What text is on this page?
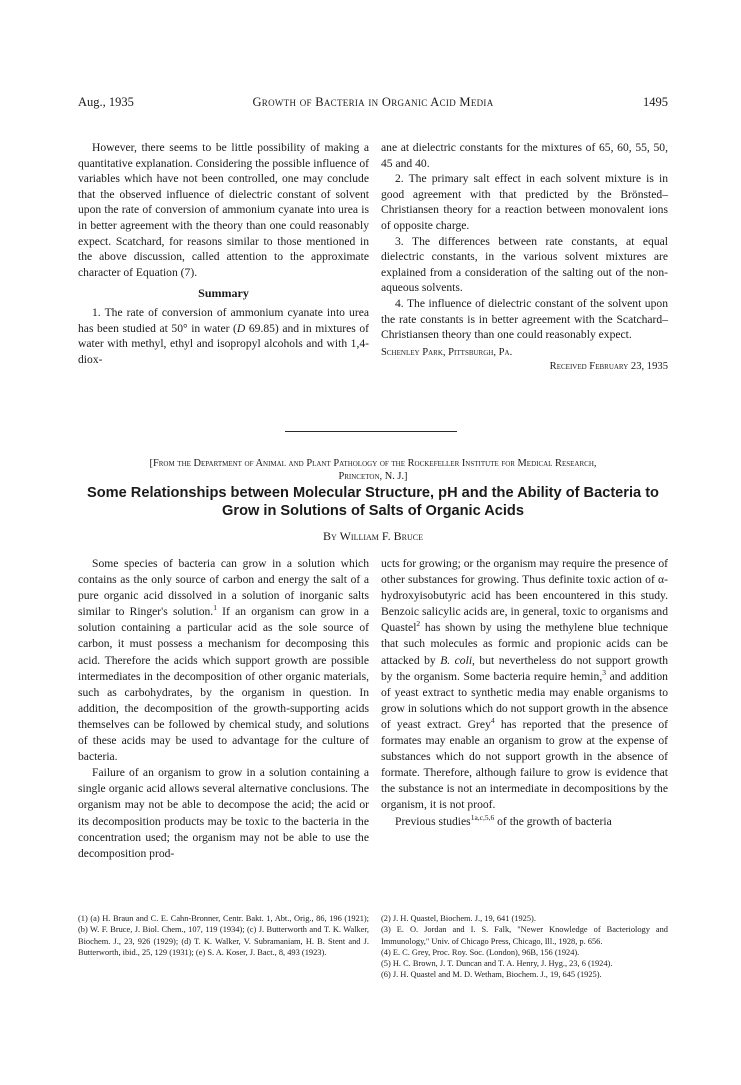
Aug., 1935	Growth of Bacteria in Organic Acid Media	1495

However, there seems to be little possibility of making a quantitative explanation. Considering the possible influence of variables which have not been controlled, one may conclude that the observed influence of dielectric constant of solvent upon the rate of conversion of ammonium cyanate into urea is in better agreement with the theory than one could reasonably expect. Scatchard, for reasons similar to those mentioned in the above discussion, called attention to the approximate character of Equation (7).

Summary

1. The rate of conversion of ammonium cyanate into urea has been studied at 50° in water (D 69.85) and in mixtures of water with methyl, ethyl and isopropyl alcohols and with 1,4-diox-

ane at dielectric constants for the mixtures of 65, 60, 55, 50, 45 and 40.

2. The primary salt effect in each solvent mixture is in good agreement with that predicted by the Brönsted–Christiansen theory for a reaction between monovalent ions of opposite charge.

3. The differences between rate constants, at equal dielectric constants, in the various solvent mixtures are explained from a consideration of the salting out of the non-aqueous solvents.

4. The influence of dielectric constant of the solvent upon the rate constants is in better agreement with the Scatchard–Christiansen theory than one could reasonably expect.

Schenley Park, Pittsburgh, Pa.
Received February 23, 1935
[From the Department of Animal and Plant Pathology of the Rockefeller Institute for Medical Research,
Princeton, N. J.]
Some Relationships between Molecular Structure, pH and the Ability of Bacteria to Grow in Solutions of Salts of Organic Acids
By William F. Bruce

Some species of bacteria can grow in a solution which contains as the only source of carbon and energy the salt of a pure organic acid dissolved in a solution of inorganic salts similar to Ringer's solution.$^1$ If an organism can grow in a solution containing a particular acid as the sole source of carbon, it must possess a mechanism for decomposing this acid. Therefore the acids which support growth are possible intermediates in the decomposition of other organic materials, such as carbohydrates, by the organism in question. In addition, the decomposition of the growth-supporting acids themselves can be followed by chemical study, and solutions of these acids may be used to advantage for the culture of bacteria.

Failure of an organism to grow in a solution containing a single organic acid allows several alternative conclusions. The organism may not be able to decompose the acid; the acid or its decomposition products may be toxic to the bacteria in the concentration used; the organism may not be able to use the decomposition prod-

ucts for growing; or the organism may require the presence of other substances for growing. Thus definite toxic action of α-hydroxyisobutyric acid has been encountered in this study. Benzoic salicylic acids are, in general, toxic to organisms and Quastel$^2$ has shown by using the methylene blue technique that such molecules as formic and propionic acids can be attacked by B. coli, but nevertheless do not support growth by the organism. Some bacteria require hemin,$^3$ and addition of yeast extract to synthetic media may enable organisms to grow in solutions which do not support growth in the absence of yeast extract. Grey$^4$ has reported that the presence of formates may enable an organism to grow at the expense of substances which do not support growth in the absence of formate. Therefore, although failure to grow is evidence that the substance is not an intermediate in decompositions by the organism, it is not proof.

Previous studies$^{1a,c,5,6}$ of the growth of bacteria

(1) (a) H. Braun and C. E. Cahn-Bronner, Centr. Bakt. 1, Abt., Orig., 86, 196 (1921); (b) W. F. Bruce, J. Biol. Chem., 107, 119 (1934); (c) J. Butterworth and T. K. Walker, Biochem. J., 23, 926 (1929); (d) T. K. Walker, V. Subramaniam, H. B. Stent and J. Butterworth, ibid., 25, 129 (1931); (e) S. A. Koser, J. Bact., 8, 493 (1923).

(2) J. H. Quastel, Biochem. J., 19, 641 (1925).

(3) E. O. Jordan and I. S. Falk, "Newer Knowledge of Bacteriology and Immunology," Univ. of Chicago Press, Chicago, Ill., 1928, p. 656.

(4) E. C. Grey, Proc. Roy. Soc. (London), 96B, 156 (1924).

(5) H. C. Brown, J. T. Duncan and T. A. Henry, J. Hyg., 23, 6 (1924).

(6) J. H. Quastel and M. D. Wetham, Biochem. J., 19, 645 (1925).
